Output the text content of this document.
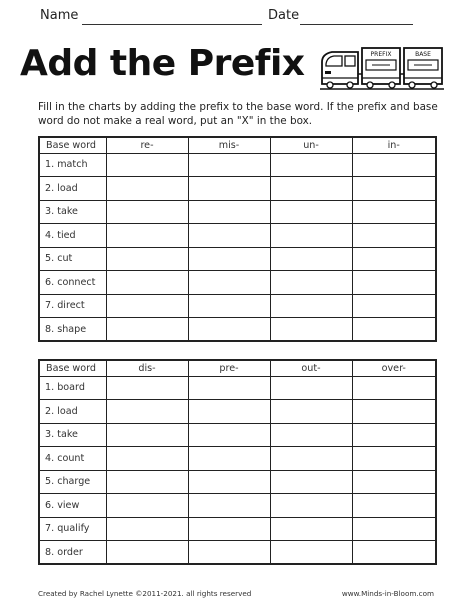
Name	Date
Add the Prefix	PREFIX	BASE
Fill in the charts by adding the prefix to the base word. If the prefix and base word do not make a real word, put an "X" in the box.
Base word	re-	mis-	un-	in-
1. match				
2. load				
3. take				
4. tied				
5. cut				
6. connect				
7. direct				
8. shape				
Base word	dis-	pre-	out-	over-
1. board				
2. load				
3. take				
4. count				
5. charge				
6. view				
7. qualify				
8. order				
Created by Rachel Lynette ©2011-2021. all rights reserved	www.Minds-in-Bloom.com
